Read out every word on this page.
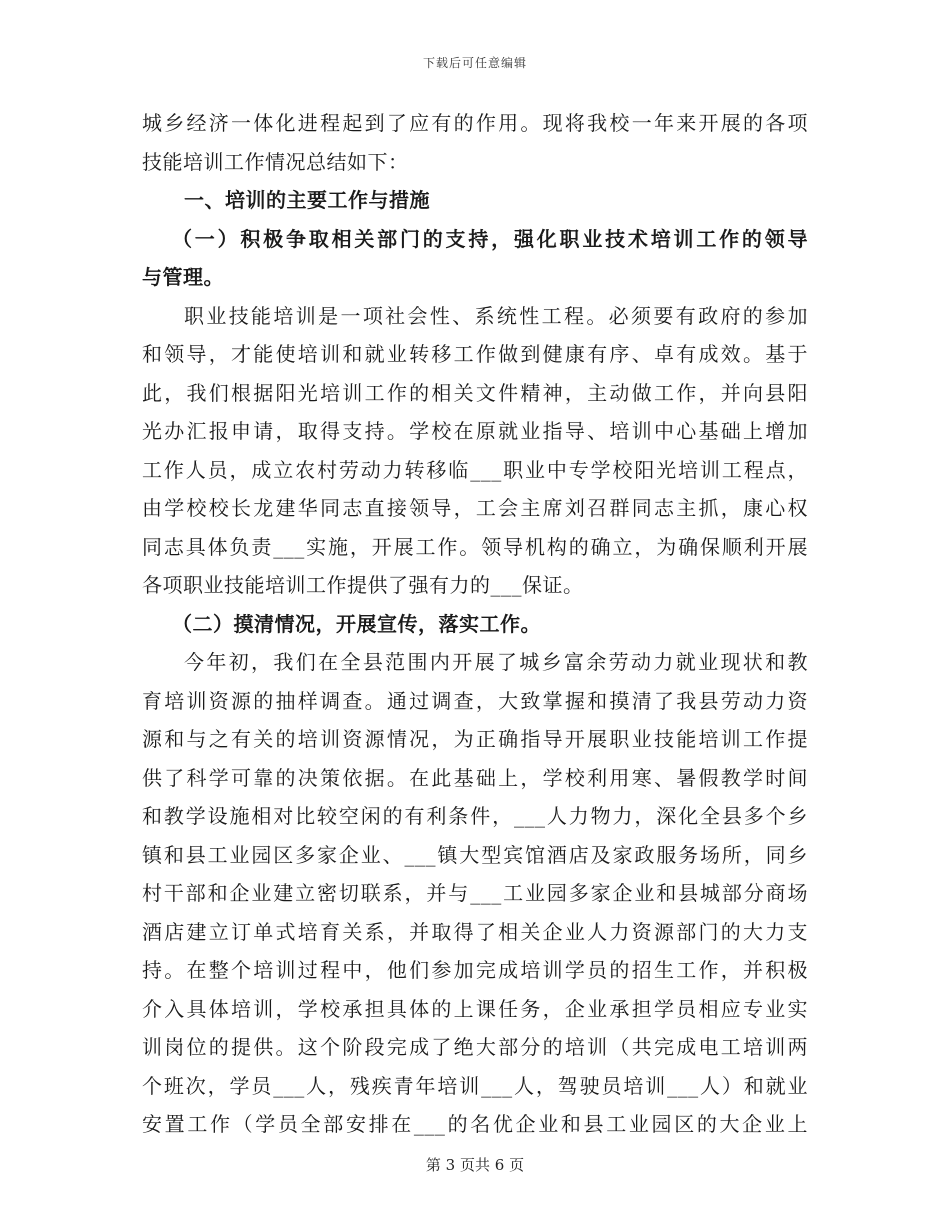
下载后可任意编辑
城乡经济一体化进程起到了应有的作用。现将我校一年来开展的各项
技能培训工作情况总结如下：
一、培训的主要工作与措施
（一）积极争取相关部门的支持，强化职业技术培训工作的领导
与管理。
职业技能培训是一项社会性、系统性工程。必须要有政府的参加
和领导，才能使培训和就业转移工作做到健康有序、卓有成效。基于
此，我们根据阳光培训工作的相关文件精神，主动做工作，并向县阳
光办汇报申请，取得支持。学校在原就业指导、培训中心基础上增加
工作人员，成立农村劳动力转移临___职业中专学校阳光培训工程点，
由学校校长龙建华同志直接领导，工会主席刘召群同志主抓，康心权
同志具体负责___实施，开展工作。领导机构的确立，为确保顺利开展
各项职业技能培训工作提供了强有力的___保证。
（二）摸清情况，开展宣传，落实工作。
今年初，我们在全县范围内开展了城乡富余劳动力就业现状和教
育培训资源的抽样调查。通过调查，大致掌握和摸清了我县劳动力资
源和与之有关的培训资源情况，为正确指导开展职业技能培训工作提
供了科学可靠的决策依据。在此基础上，学校利用寒、暑假教学时间
和教学设施相对比较空闲的有利条件，___人力物力，深化全县多个乡
镇和县工业园区多家企业、___镇大型宾馆酒店及家政服务场所，同乡
村干部和企业建立密切联系，并与___工业园多家企业和县城部分商场
酒店建立订单式培育关系，并取得了相关企业人力资源部门的大力支
持。在整个培训过程中，他们参加完成培训学员的招生工作，并积极
介入具体培训，学校承担具体的上课任务，企业承担学员相应专业实
训岗位的提供。这个阶段完成了绝大部分的培训（共完成电工培训两
个班次，学员___人，残疾青年培训___人，驾驶员培训___人）和就业
安置工作（学员全部安排在___的名优企业和县工业园区的大企业上
第 3 页共 6 页
